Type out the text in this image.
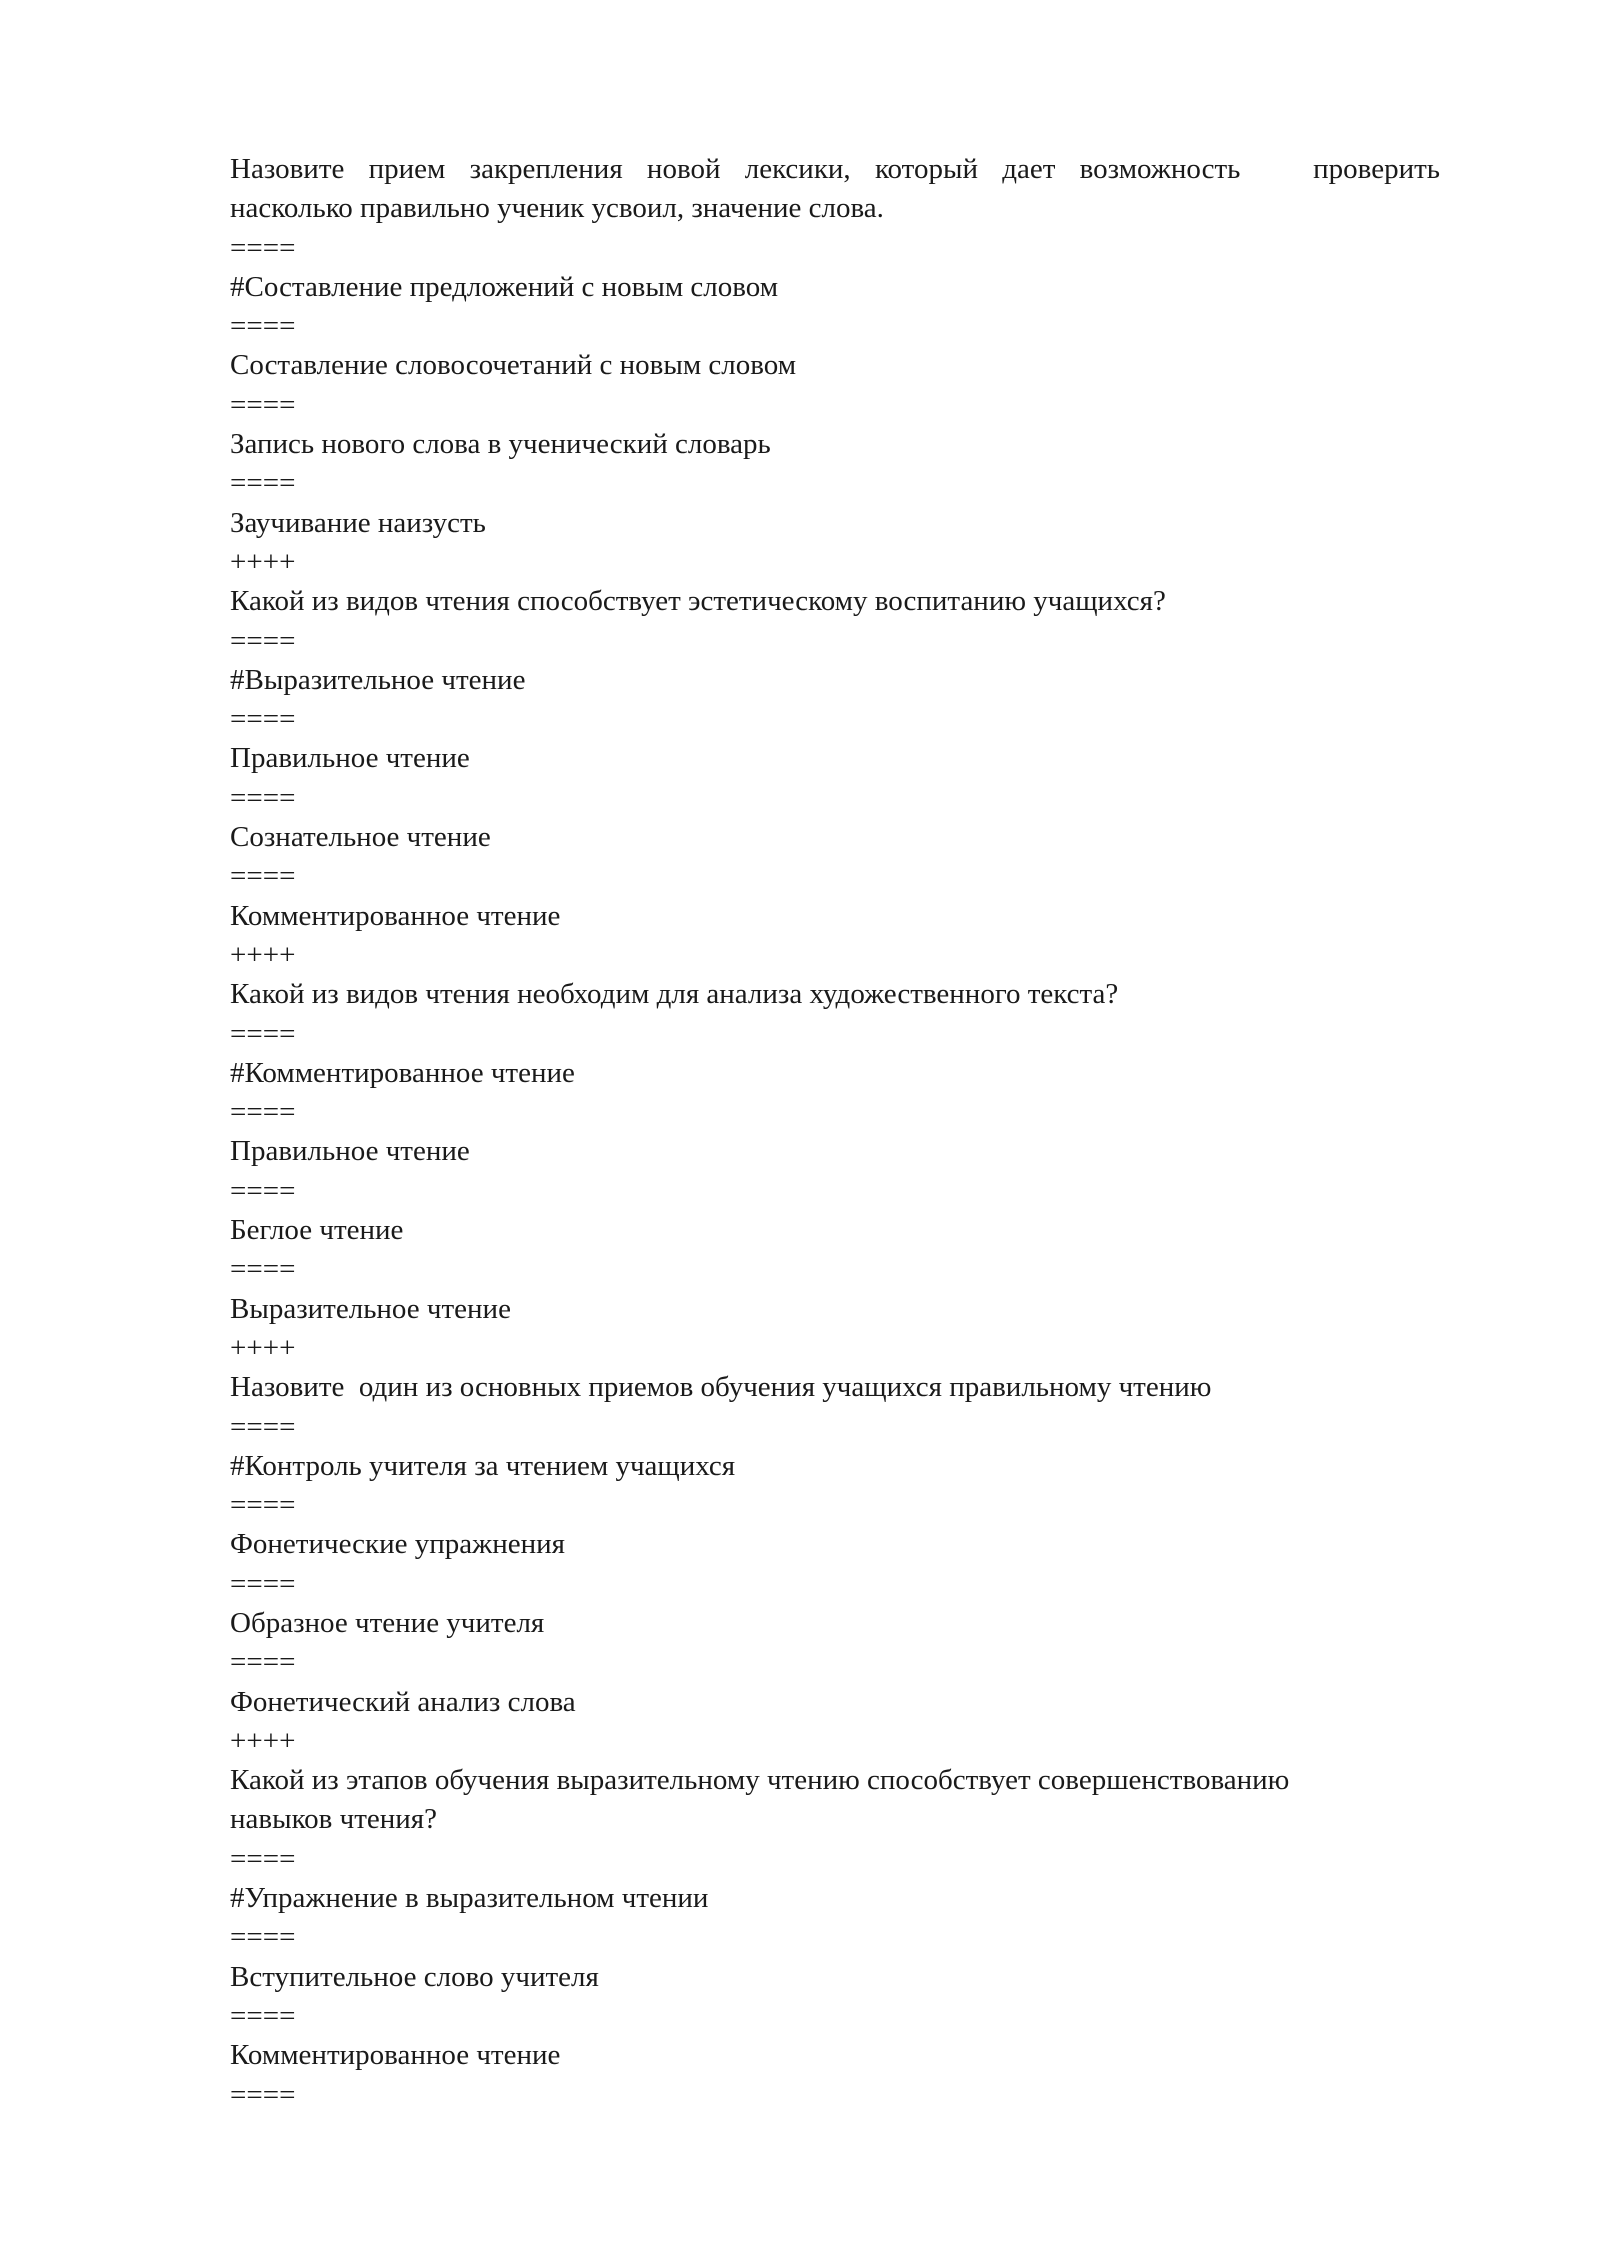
Назовите прием закрепления новой лексики, который дает возможность   проверить

насколько правильно ученик усвоил, значение слова.

====

#Составление предложений с новым словом

====

Составление словосочетаний с новым словом

====

Запись нового слова в ученический словарь

====

Заучивание наизусть

++++

Какой из видов чтения способствует эстетическому воспитанию учащихся?

====

#Выразительное чтение

====

Правильное чтение

====

Сознательное чтение

====

Комментированное чтение

++++

Какой из видов чтения необходим для анализа художественного текста?

====

#Комментированное чтение

====

Правильное чтение

====

Беглое чтение

====

Выразительное чтение

++++

Назовите  один из основных приемов обучения учащихся правильному чтению

====

#Контроль учителя за чтением учащихся

====

Фонетические упражнения

====

Образное чтение учителя

====

Фонетический анализ слова

++++

Какой из этапов обучения выразительному чтению способствует совершенствованию

навыков чтения?

====

#Упражнение в выразительном чтении

====

Вступительное слово учителя

====

Комментированное чтение

====
